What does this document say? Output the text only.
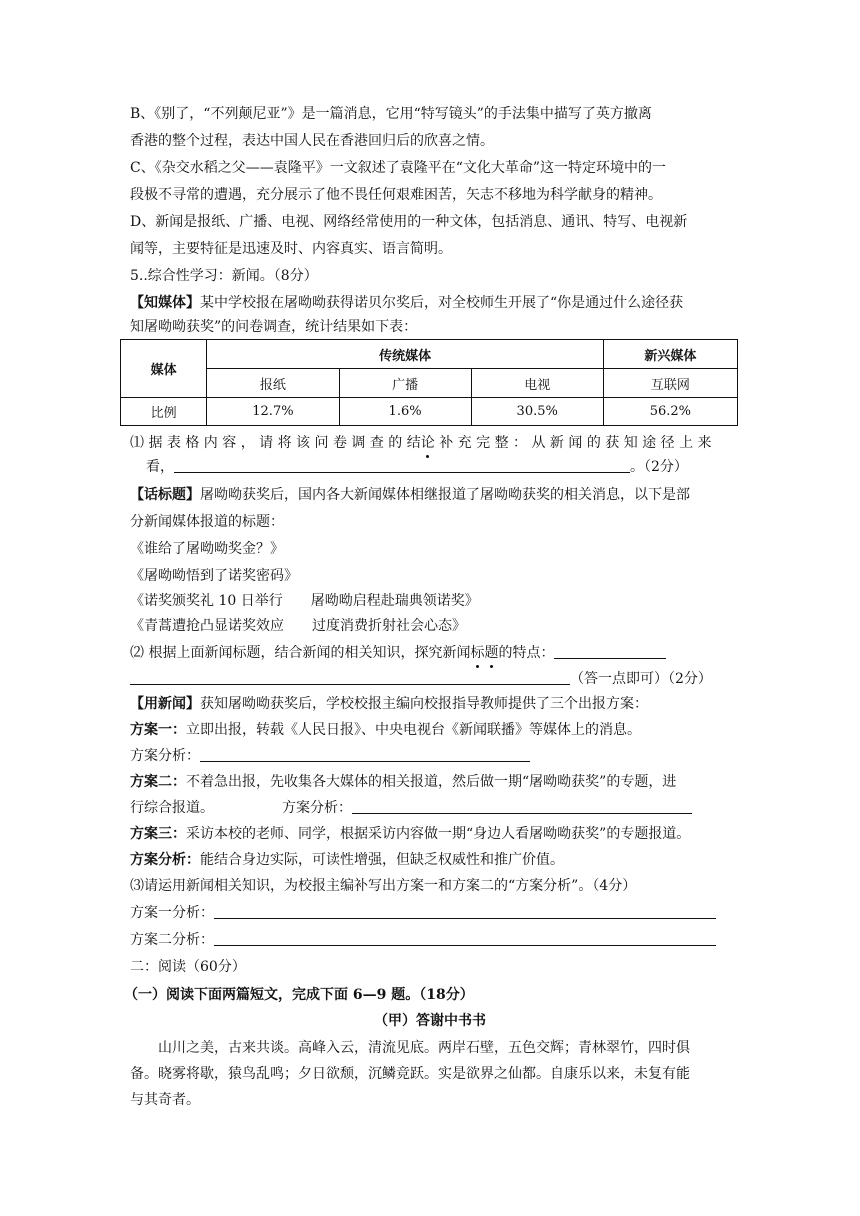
B、《别了，“不列颠尼亚”》是一篇消息，它用“特写镜头”的手法集中描写了英方撤离
香港的整个过程，表达中国人民在香港回归后的欣喜之情。
C、《杂交水稻之父——袁隆平》一文叙述了袁隆平在“文化大革命”这一特定环境中的一
段极不寻常的遭遇，充分展示了他不畏任何艰难困苦，矢志不移地为科学献身的精神。
D、新闻是报纸、广播、电视、网络经常使用的一种文体，包括消息、通讯、特写、电视新
闻等，主要特征是迅速及时、内容真实、语言简明。
5..综合性学习：新闻。（8分）
【知媒体】某中学校报在屠呦呦获得诺贝尔奖后，对全校师生开展了“你是通过什么途径获
知屠呦呦获奖”的问卷调查，统计结果如下表：
媒体	传统媒体			新兴媒体
	报纸	广播	电视	互联网
比例	12.7%	1.6%	30.5%	56.2%
⑴ 据 表 格 内 容 ， 请 将 该 问 卷 调 查 的 结论 补 充 完 整 ： 从 新 闻 的 获 知 途 径 上 来
看，	。（2分）
【话标题】屠呦呦获奖后，国内各大新闻媒体相继报道了屠呦呦获奖的相关消息，以下是部
分新闻媒体报道的标题：
《谁给了屠呦呦奖金？》
《屠呦呦悟到了诺奖密码》
《诺奖颁奖礼 10 日举行　　屠呦呦启程赴瑞典领诺奖》
《青蒿遭抢凸显诺奖效应　　过度消费折射社会心态》
⑵ 根据上面新闻标题，结合新闻的相关知识，探究新闻标题的特点：
（答一点即可）（2分）
【用新闻】获知屠呦呦获奖后，学校校报主编向校报指导教师提供了三个出报方案：
方案一：立即出报，转载《人民日报》、中央电视台《新闻联播》等媒体上的消息。
方案分析：
方案二：不着急出报，先收集各大媒体的相关报道，然后做一期“屠呦呦获奖”的专题，进
行综合报道。	方案分析：
方案三：采访本校的老师、同学，根据采访内容做一期“身边人看屠呦呦获奖”的专题报道。
方案分析：能结合身边实际，可读性增强，但缺乏权威性和推广价值。
⑶请运用新闻相关知识，为校报主编补写出方案一和方案二的“方案分析”。（4分）
方案一分析：
方案二分析：
二：阅读（60分）
（一）阅读下面两篇短文，完成下面 6—9 题。（18分）
（甲）答谢中书书
山川之美，古来共谈。高峰入云，清流见底。两岸石壁，五色交辉；青林翠竹，四时俱
备。晓雾将歇，猿鸟乱鸣；夕日欲颓，沉鳞竞跃。实是欲界之仙都。自康乐以来，未复有能
与其奇者。
